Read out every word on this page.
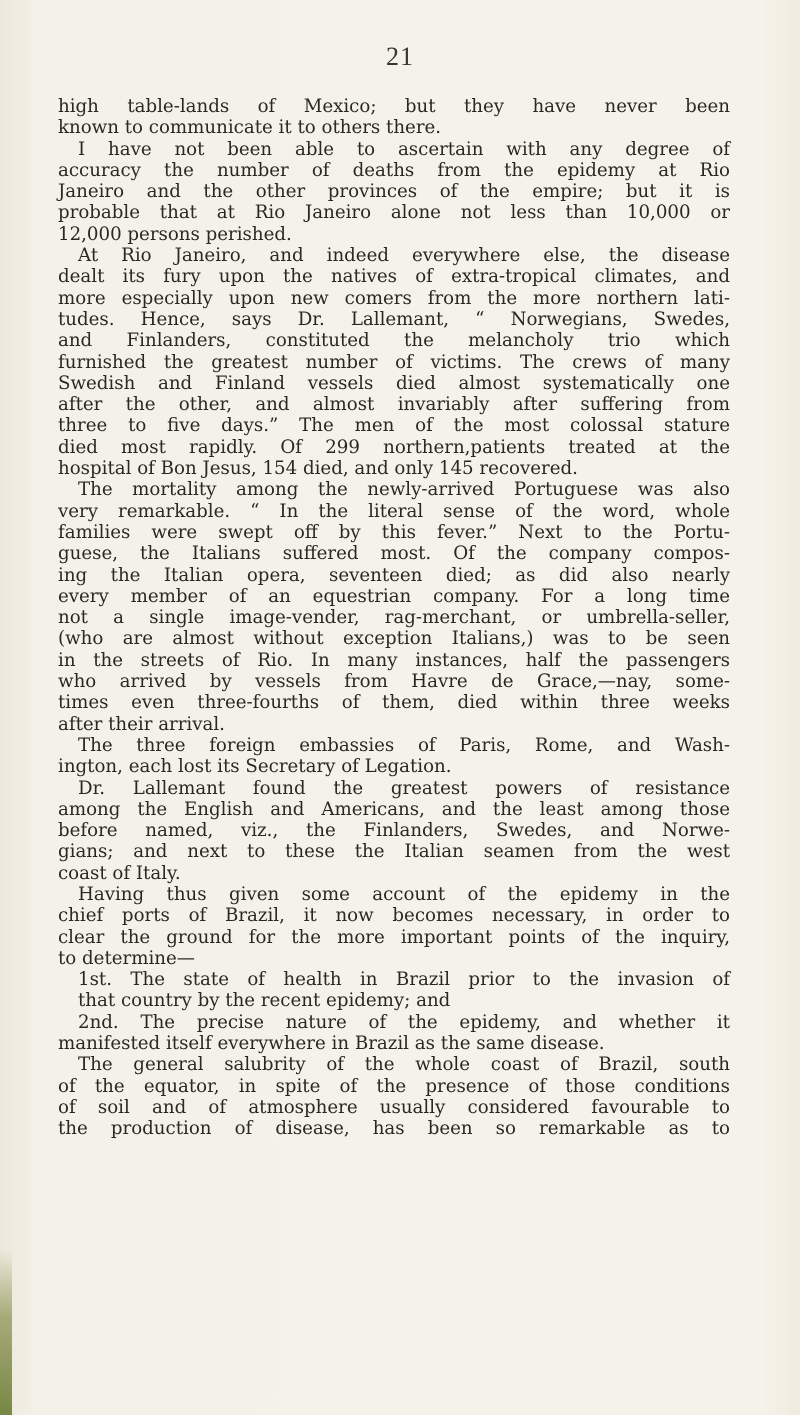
21
high table-lands of Mexico; but they have never been
known to communicate it to others there.
I have not been able to ascertain with any degree of
accuracy the number of deaths from the epidemy at Rio
Janeiro and the other provinces of the empire; but it is
probable that at Rio Janeiro alone not less than 10,000 or
12,000 persons perished.
At Rio Janeiro, and indeed everywhere else, the disease
dealt its fury upon the natives of extra-tropical climates, and
more especially upon new comers from the more northern lati-
tudes. Hence, says Dr. Lallemant, “ Norwegians, Swedes,
and Finlanders, constituted the melancholy trio which
furnished the greatest number of victims. The crews of many
Swedish and Finland vessels died almost systematically one
after the other, and almost invariably after suffering from
three to five days.” The men of the most colossal stature
died most rapidly. Of 299 northern,patients treated at the
hospital of Bon Jesus, 154 died, and only 145 recovered.
The mortality among the newly-arrived Portuguese was also
very remarkable. “ In the literal sense of the word, whole
families were swept off by this fever.” Next to the Portu-
guese, the Italians suffered most. Of the company compos-
ing the Italian opera, seventeen died; as did also nearly
every member of an equestrian company. For a long time
not a single image-vender, rag-merchant, or umbrella-seller,
(who are almost without exception Italians,) was to be seen
in the streets of Rio. In many instances, half the passengers
who arrived by vessels from Havre de Grace,—nay, some-
times even three-fourths of them, died within three weeks
after their arrival.
The three foreign embassies of Paris, Rome, and Wash-
ington, each lost its Secretary of Legation.
Dr. Lallemant found the greatest powers of resistance
among the English and Americans, and the least among those
before named, viz., the Finlanders, Swedes, and Norwe-
gians; and next to these the Italian seamen from the west
coast of Italy.
Having thus given some account of the epidemy in the
chief ports of Brazil, it now becomes necessary, in order to
clear the ground for the more important points of the inquiry,
to determine—
1st. The state of health in Brazil prior to the invasion of
that country by the recent epidemy; and
2nd. The precise nature of the epidemy, and whether it
manifested itself everywhere in Brazil as the same disease.
The general salubrity of the whole coast of Brazil, south
of the equator, in spite of the presence of those conditions
of soil and of atmosphere usually considered favourable to
the production of disease, has been so remarkable as to
